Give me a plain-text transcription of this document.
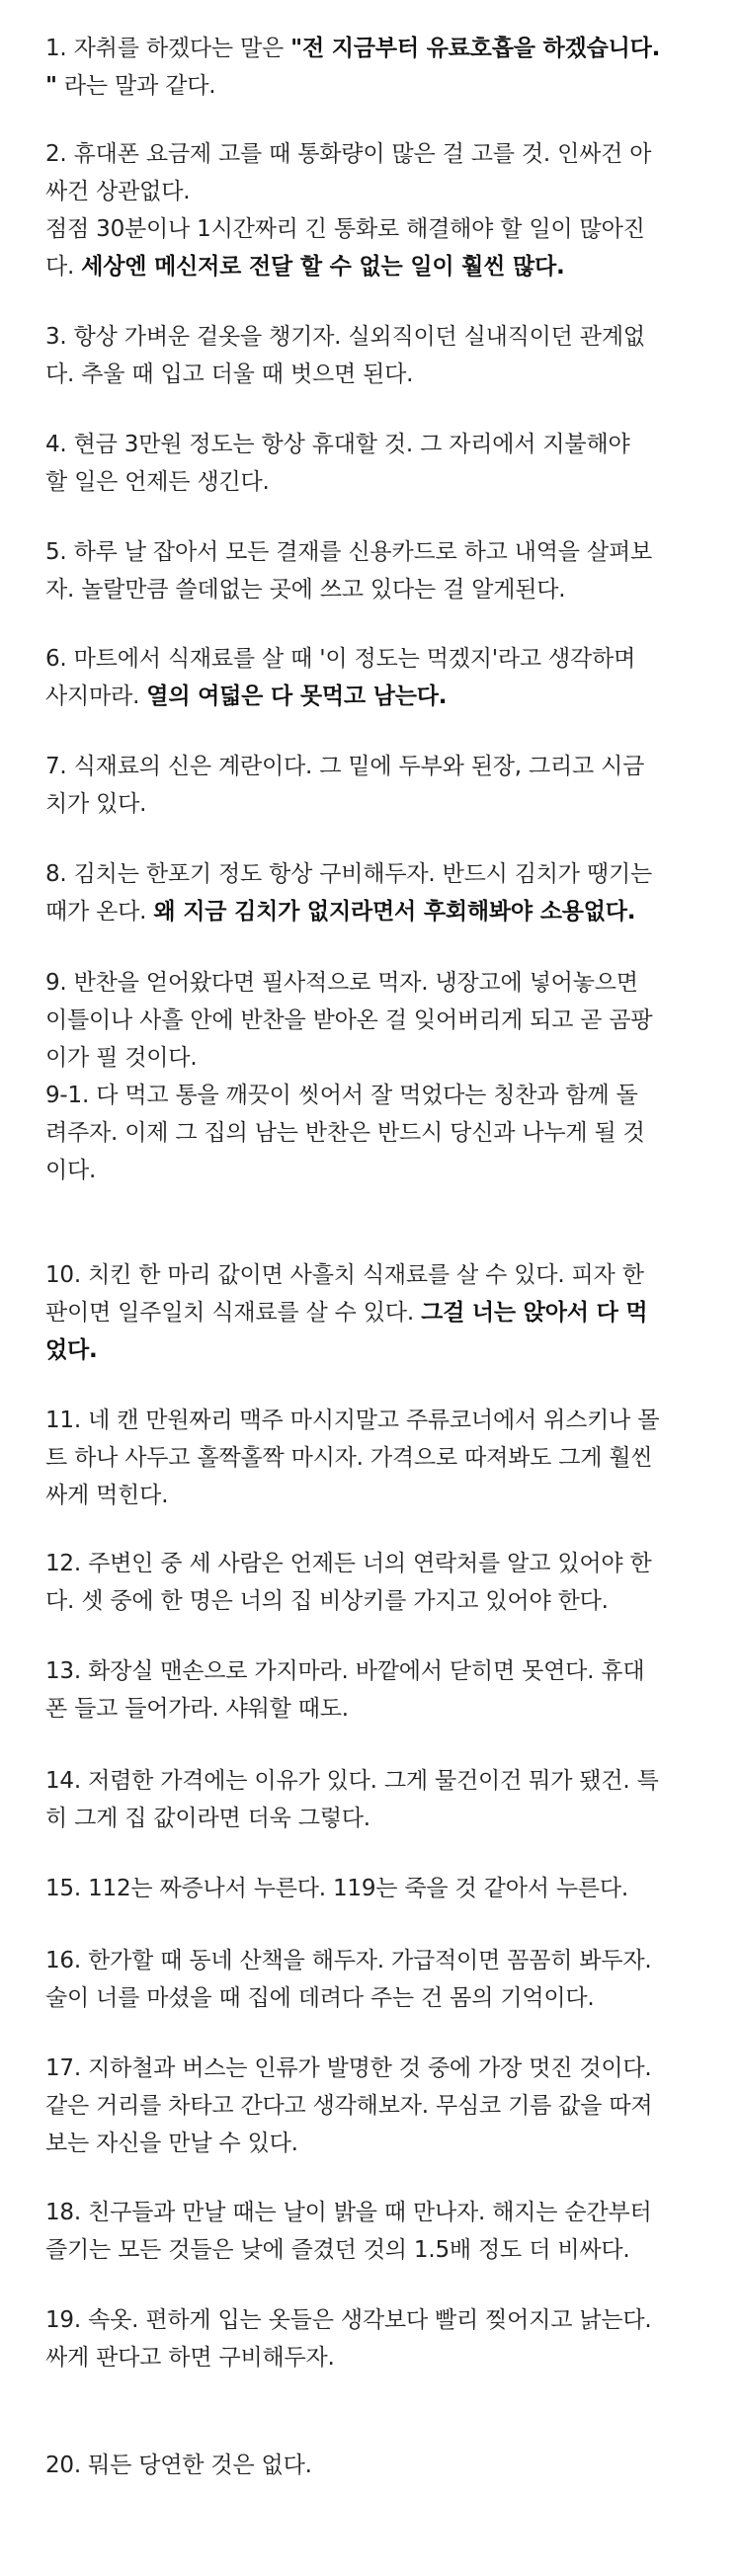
1. 자취를 하겠다는 말은 "전 지금부터 유료호흡을 하겠습니다.
" 라는 말과 같다.

2. 휴대폰 요금제 고를 때 통화량이 많은 걸 고를 것. 인싸건 아
싸건 상관없다.
점점 30분이나 1시간짜리 긴 통화로 해결해야 할 일이 많아진
다. 세상엔 메신저로 전달 할 수 없는 일이 훨씬 많다.

3. 항상 가벼운 겉옷을 챙기자. 실외직이던 실내직이던 관계없
다. 추울 때 입고 더울 때 벗으면 된다.

4. 현금 3만원 정도는 항상 휴대할 것. 그 자리에서 지불해야
할 일은 언제든 생긴다.

5. 하루 날 잡아서 모든 결재를 신용카드로 하고 내역을 살펴보
자. 놀랄만큼 쓸데없는 곳에 쓰고 있다는 걸 알게된다.

6. 마트에서 식재료를 살 때 '이 정도는 먹겠지'라고 생각하며
사지마라. 열의 여덟은 다 못먹고 남는다.

7. 식재료의 신은 계란이다. 그 밑에 두부와 된장, 그리고 시금
치가 있다.

8. 김치는 한포기 정도 항상 구비해두자. 반드시 김치가 땡기는
때가 온다. 왜 지금 김치가 없지라면서 후회해봐야 소용없다.

9. 반찬을 얻어왔다면 필사적으로 먹자. 냉장고에 넣어놓으면
이틀이나 사흘 안에 반찬을 받아온 걸 잊어버리게 되고 곧 곰팡
이가 필 것이다.
9-1. 다 먹고 통을 깨끗이 씻어서 잘 먹었다는 칭찬과 함께 돌
려주자. 이제 그 집의 남는 반찬은 반드시 당신과 나누게 될 것
이다.

10. 치킨 한 마리 값이면 사흘치 식재료를 살 수 있다. 피자 한
판이면 일주일치 식재료를 살 수 있다. 그걸 너는 앉아서 다 먹
었다.

11. 네 캔 만원짜리 맥주 마시지말고 주류코너에서 위스키나 몰
트 하나 사두고 홀짝홀짝 마시자. 가격으로 따져봐도 그게 훨씬
싸게 먹힌다.

12. 주변인 중 세 사람은 언제든 너의 연락처를 알고 있어야 한
다. 셋 중에 한 명은 너의 집 비상키를 가지고 있어야 한다.

13. 화장실 맨손으로 가지마라. 바깥에서 닫히면 못연다. 휴대
폰 들고 들어가라. 샤워할 때도.

14. 저렴한 가격에는 이유가 있다. 그게 물건이건 뭐가 됐건. 특
히 그게 집 값이라면 더욱 그렇다.

15. 112는 짜증나서 누른다. 119는 죽을 것 같아서 누른다.

16. 한가할 때 동네 산책을 해두자. 가급적이면 꼼꼼히 봐두자.
술이 너를 마셨을 때 집에 데려다 주는 건 몸의 기억이다.

17. 지하철과 버스는 인류가 발명한 것 중에 가장 멋진 것이다.
같은 거리를 차타고 간다고 생각해보자. 무심코 기름 값을 따져
보는 자신을 만날 수 있다.

18. 친구들과 만날 때는 날이 밝을 때 만나자. 해지는 순간부터
즐기는 모든 것들은 낮에 즐겼던 것의 1.5배 정도 더 비싸다.

19. 속옷. 편하게 입는 옷들은 생각보다 빨리 찢어지고 낡는다.
싸게 판다고 하면 구비해두자.

20. 뭐든 당연한 것은 없다.
